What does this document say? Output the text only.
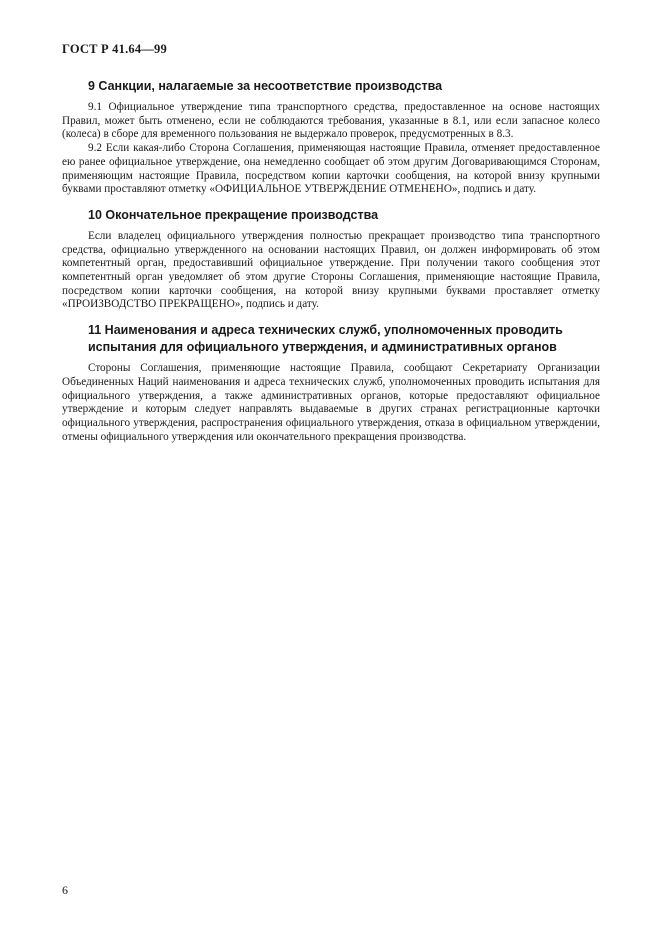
ГОСТ Р 41.64—99
9 Санкции, налагаемые за несоответствие производства

9.1 Официальное утверждение типа транспортного средства, предоставленное на основе настоящих Правил, может быть отменено, если не соблюдаются требования, указанные в 8.1, или если запасное колесо (колеса) в сборе для временного пользования не выдержало проверок, предусмотренных в 8.3.

9.2 Если какая-либо Сторона Соглашения, применяющая настоящие Правила, отменяет предоставленное ею ранее официальное утверждение, она немедленно сообщает об этом другим Договаривающимся Сторонам, применяющим настоящие Правила, посредством копии карточки сообщения, на которой внизу крупными буквами проставляют отметку «ОФИЦИАЛЬНОЕ УТВЕРЖДЕНИЕ ОТМЕНЕНО», подпись и дату.

10 Окончательное прекращение производства

Если владелец официального утверждения полностью прекращает производство типа транспортного средства, официально утвержденного на основании настоящих Правил, он должен информировать об этом компетентный орган, предоставивший официальное утверждение. При получении такого сообщения этот компетентный орган уведомляет об этом другие Стороны Соглашения, применяющие настоящие Правила, посредством копии карточки сообщения, на которой внизу крупными буквами проставляет отметку «ПРОИЗВОДСТВО ПРЕКРАЩЕНО», подпись и дату.

11 Наименования и адреса технических служб, уполномоченных проводить испытания для официального утверждения, и административных органов

Стороны Соглашения, применяющие настоящие Правила, сообщают Секретариату Организации Объединенных Наций наименования и адреса технических служб, уполномоченных проводить испытания для официального утверждения, а также административных органов, которые предоставляют официальное утверждение и которым следует направлять выдаваемые в других странах регистрационные карточки официального утверждения, распространения официального утверждения, отказа в официальном утверждении, отмены официального утверждения или окончательного прекращения производства.

6
